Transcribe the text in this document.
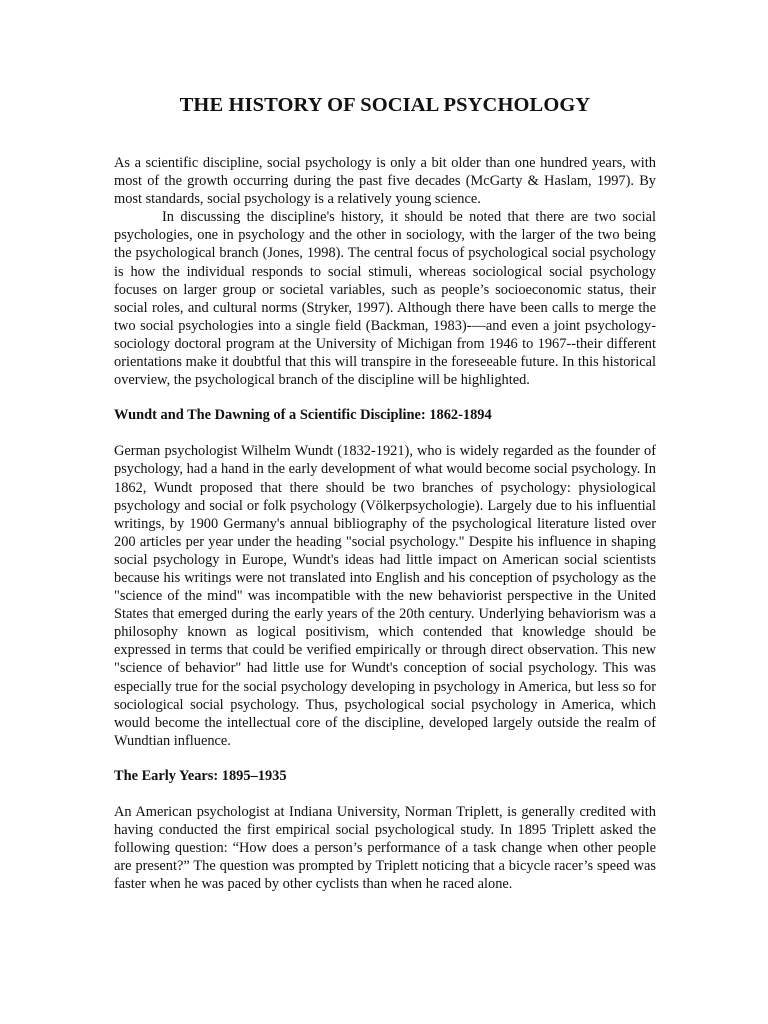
THE HISTORY OF SOCIAL PSYCHOLOGY

As a scientific discipline, social psychology is only a bit older than one hundred years, with most of the growth occurring during the past five decades (McGarty & Haslam, 1997). By most standards, social psychology is a relatively young science.

In discussing the discipline's history, it should be noted that there are two social psychologies, one in psychology and the other in sociology, with the larger of the two being the psychological branch (Jones, 1998). The central focus of psychological social psychology is how the individual responds to social stimuli, whereas sociological social psychology focuses on larger group or societal variables, such as people’s socioeconomic status, their social roles, and cultural norms (Stryker, 1997). Although there have been calls to merge the two social psychologies into a single field (Backman, 1983)-—and even a joint psychology-sociology doctoral program at the University of Michigan from 1946 to 1967--their different orientations make it doubtful that this will transpire in the foreseeable future. In this historical overview, the psychological branch of the discipline will be highlighted.

Wundt and The Dawning of a Scientific Discipline: 1862-1894

German psychologist Wilhelm Wundt (1832-1921), who is widely regarded as the founder of psychology, had a hand in the early development of what would become social psychology. In 1862, Wundt proposed that there should be two branches of psychology: physiological psychology and social or folk psychology (Völkerpsychologie). Largely due to his influential writings, by 1900 Germany's annual bibliography of the psychological literature listed over 200 articles per year under the heading "social psychology." Despite his influence in shaping social psychology in Europe, Wundt's ideas had little impact on American social scientists because his writings were not translated into English and his conception of psychology as the "science of the mind" was incompatible with the new behaviorist perspective in the United States that emerged during the early years of the 20th century. Underlying behaviorism was a philosophy known as logical positivism, which contended that knowledge should be expressed in terms that could be verified empirically or through direct observation. This new "science of behavior" had little use for Wundt's conception of social psychology. This was especially true for the social psychology developing in psychology in America, but less so for sociological social psychology. Thus, psychological social psychology in America, which would become the intellectual core of the discipline, developed largely outside the realm of Wundtian influence.

The Early Years: 1895–1935

An American psychologist at Indiana University, Norman Triplett, is generally credited with having conducted the first empirical social psychological study. In 1895 Triplett asked the following question: “How does a person’s performance of a task change when other people are present?” The question was prompted by Triplett noticing that a bicycle racer’s speed was faster when he was paced by other cyclists than when he raced alone.
